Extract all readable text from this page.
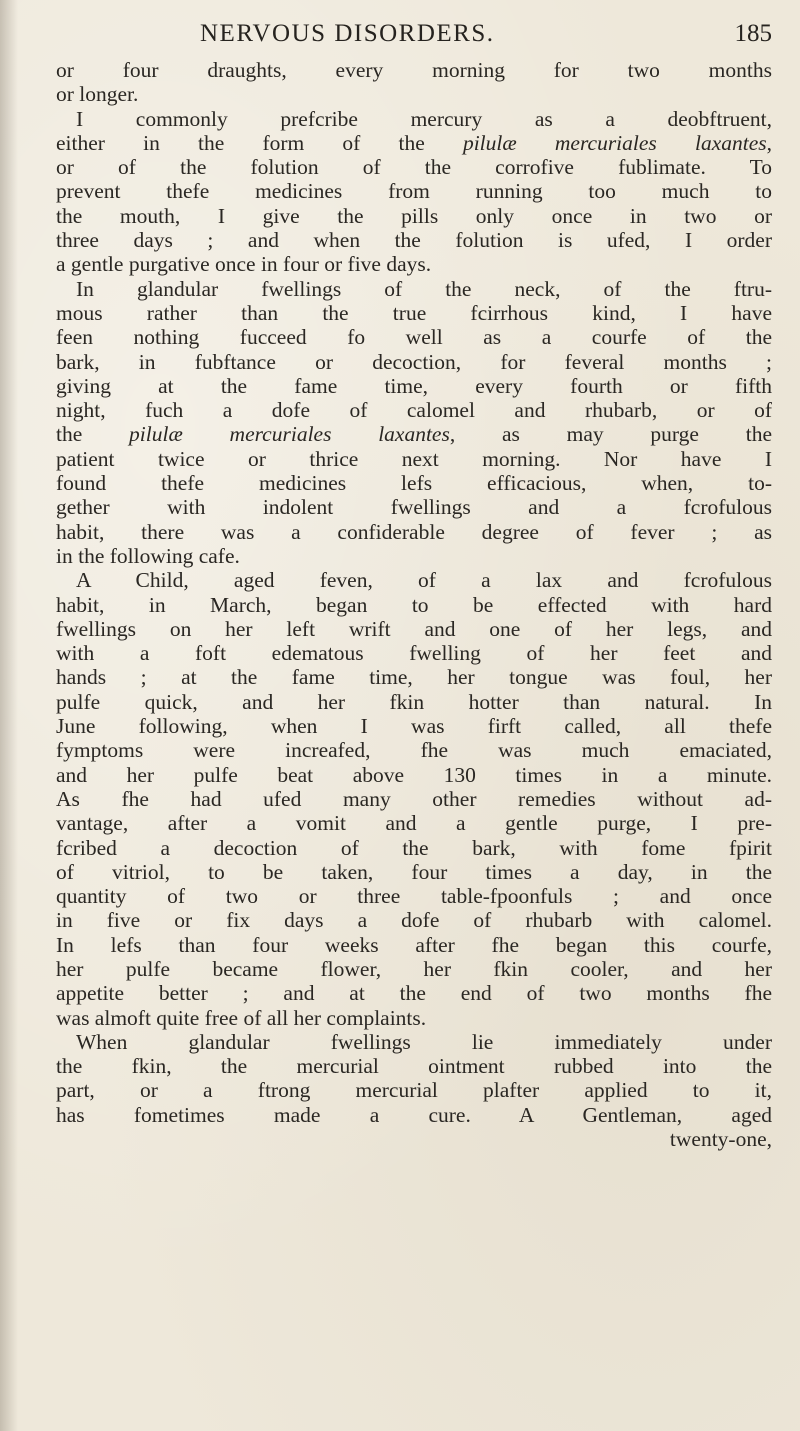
NERVOUS DISORDERS.	185
or four draughts, every morning for two months
or longer.
I commonly prefcribe mercury as a deobftruent,
either in the form of the pilulæ mercuriales laxantes,
or of the folution of the corrofive fublimate. To
prevent thefe medicines from running too much to
the mouth, I give the pills only once in two or
three days ; and when the folution is ufed, I order
a gentle purgative once in four or five days.
In glandular fwellings of the neck, of the ftru-
mous rather than the true fcirrhous kind, I have
feen nothing fucceed fo well as a courfe of the
bark, in fubftance or decoction, for feveral months ;
giving at the fame time, every fourth or fifth
night, fuch a dofe of calomel and rhubarb, or of
the pilulæ mercuriales laxantes, as may purge the
patient twice or thrice next morning. Nor have I
found thefe medicines lefs efficacious, when, to-
gether with indolent fwellings and a fcrofulous
habit, there was a confiderable degree of fever ; as
in the following cafe.
A Child, aged feven, of a lax and fcrofulous
habit, in March, began to be effected with hard
fwellings on her left wrift and one of her legs, and
with a foft edematous fwelling of her feet and
hands ; at the fame time, her tongue was foul, her
pulfe quick, and her fkin hotter than natural. In
June following, when I was firft called, all thefe
fymptoms were increafed, fhe was much emaciated,
and her pulfe beat above 130 times in a minute.
As fhe had ufed many other remedies without ad-
vantage, after a vomit and a gentle purge, I pre-
fcribed a decoction of the bark, with fome fpirit
of vitriol, to be taken, four times a day, in the
quantity of two or three table-fpoonfuls ; and once
in five or fix days a dofe of rhubarb with calomel.
In lefs than four weeks after fhe began this courfe,
her pulfe became flower, her fkin cooler, and her
appetite better ; and at the end of two months fhe
was almoft quite free of all her complaints.
When glandular fwellings lie immediately under
the fkin, the mercurial ointment rubbed into the
part, or a ftrong mercurial plafter applied to it,
has fometimes made a cure. A Gentleman, aged
twenty-one,
